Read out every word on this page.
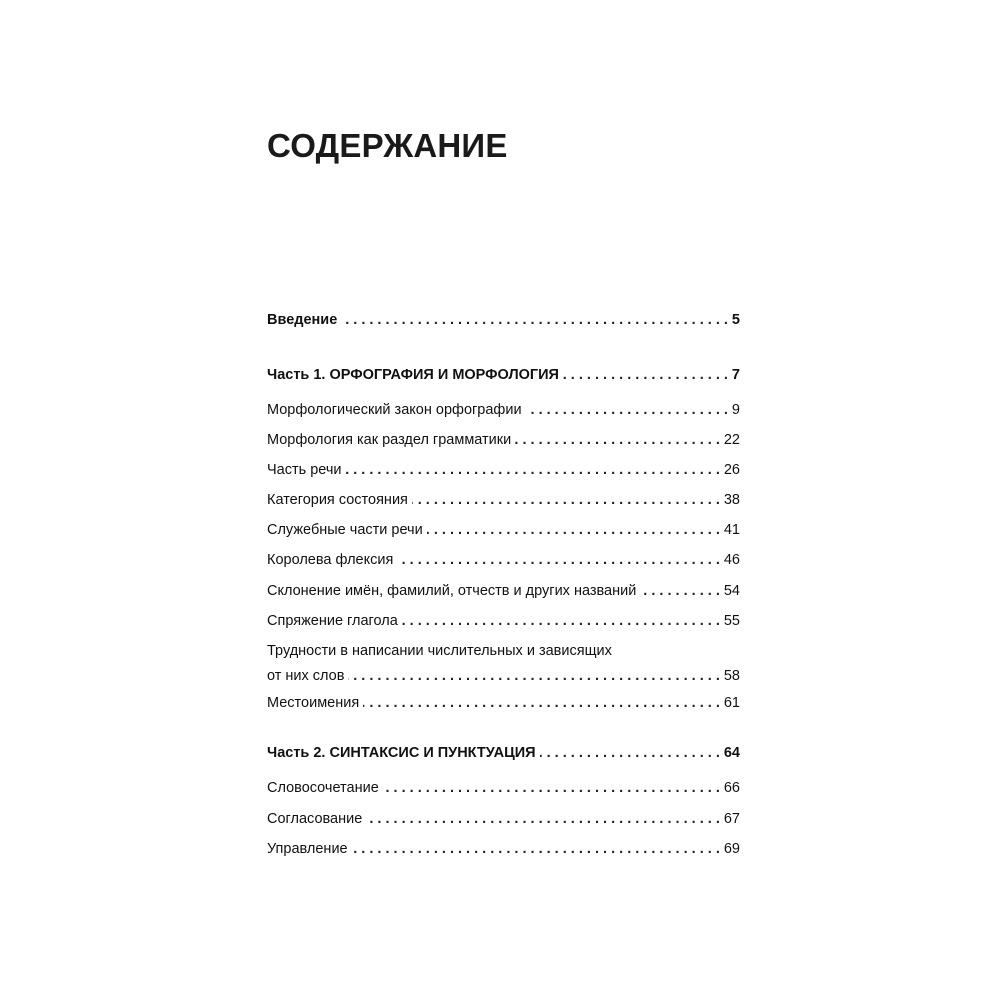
СОДЕРЖАНИЕ
Введение . . .	5
Часть 1. ОРФОГРАФИЯ И МОРФОЛОГИЯ . . .	7
Морфологический закон орфографии . . .	9
Морфология как раздел грамматики . . .	22
Часть речи . . .	26
Категория состояния . . .	38
Служебные части речи . . .	41
Королева флексия . . .	46
Склонение имён, фамилий, отчеств и других названий . . .	54
Спряжение глагола . . .	55
Трудности в написании числительных и зависящих
от них слов . . .	58
Местоимения . . .	61
Часть 2. СИНТАКСИС И ПУНКТУАЦИЯ . . .	64
Словосочетание . . .	66
Согласование . . .	67
Управление . . .	69
